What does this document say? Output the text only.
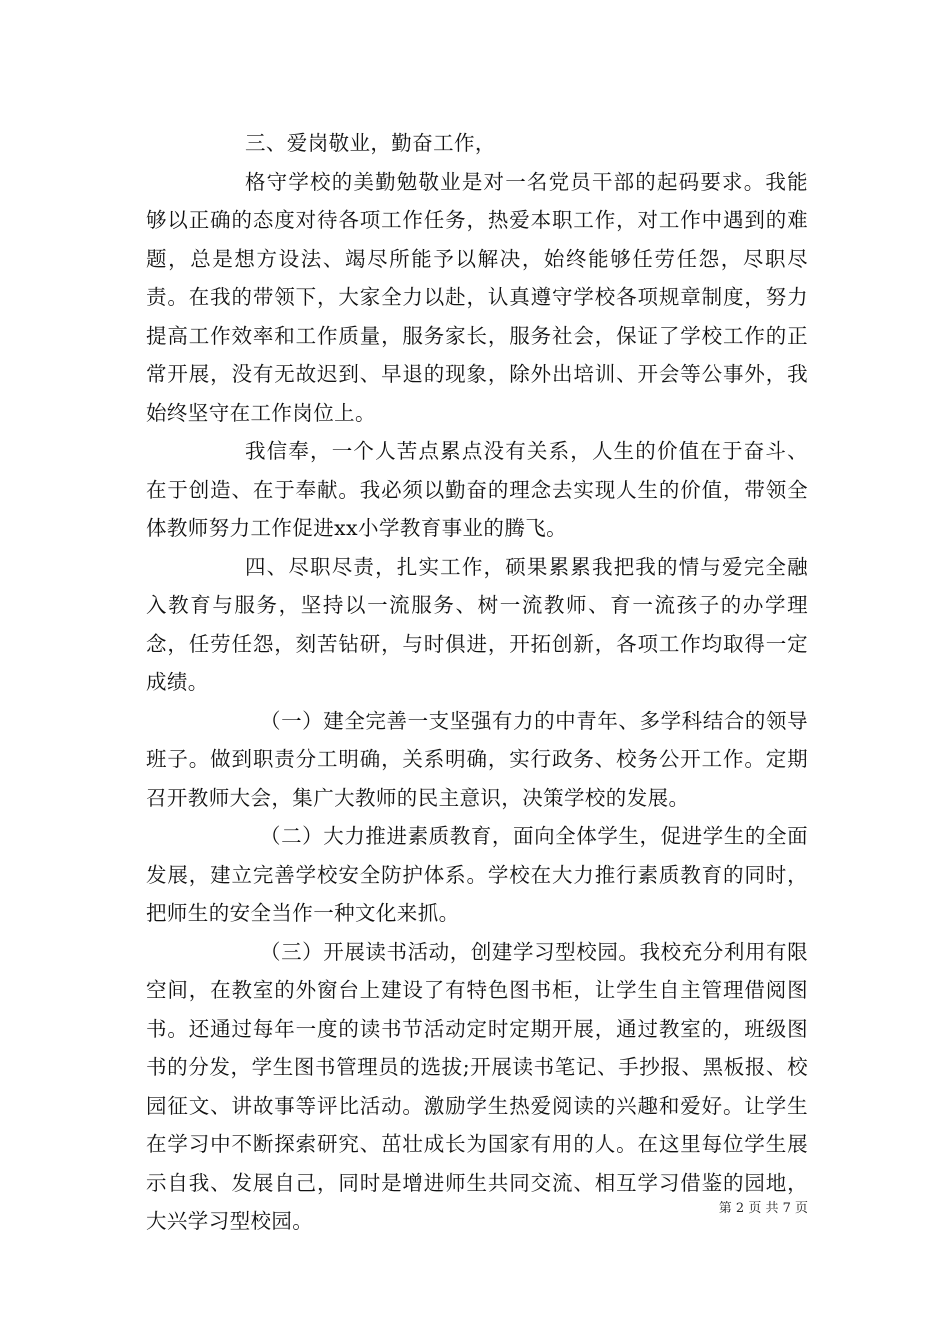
三、爱岗敬业，勤奋工作，

格守学校的美勤勉敬业是对一名党员干部的起码要求。我能够以正确的态度对待各项工作任务，热爱本职工作，对工作中遇到的难题，总是想方设法、竭尽所能予以解决，始终能够任劳任怨，尽职尽责。在我的带领下，大家全力以赴，认真遵守学校各项规章制度，努力提高工作效率和工作质量，服务家长，服务社会，保证了学校工作的正常开展，没有无故迟到、早退的现象，除外出培训、开会等公事外，我始终坚守在工作岗位上。

我信奉，一个人苦点累点没有关系，人生的价值在于奋斗、在于创造、在于奉献。我必须以勤奋的理念去实现人生的价值，带领全体教师努力工作促进xx小学教育事业的腾飞。

四、尽职尽责，扎实工作，硕果累累我把我的情与爱完全融入教育与服务，坚持以一流服务、树一流教师、育一流孩子的办学理念，任劳任怨，刻苦钻研，与时俱进，开拓创新，各项工作均取得一定成绩。

（一）建全完善一支坚强有力的中青年、多学科结合的领导班子。做到职责分工明确，关系明确，实行政务、校务公开工作。定期召开教师大会，集广大教师的民主意识，决策学校的发展。

（二）大力推进素质教育，面向全体学生，促进学生的全面发展，建立完善学校安全防护体系。学校在大力推行素质教育的同时，把师生的安全当作一种文化来抓。

（三）开展读书活动，创建学习型校园。我校充分利用有限空间，在教室的外窗台上建设了有特色图书柜，让学生自主管理借阅图书。还通过每年一度的读书节活动定时定期开展，通过教室的，班级图书的分发，学生图书管理员的选拔;开展读书笔记、手抄报、黑板报、校园征文、讲故事等评比活动。激励学生热爱阅读的兴趣和爱好。让学生在学习中不断探索研究、茁壮成长为国家有用的人。在这里每位学生展示自我、发展自己，同时是增进师生共同交流、相互学习借鉴的园地，大兴学习型校园。

第 2 页 共 7 页
